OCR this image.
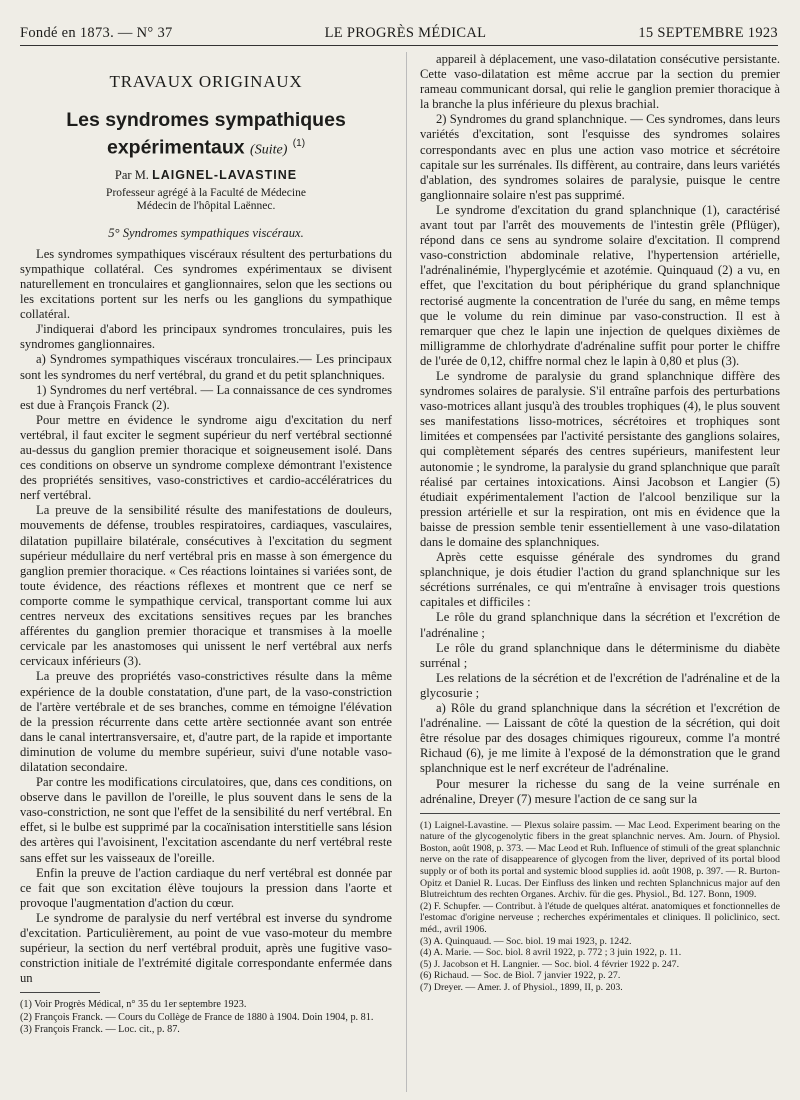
Fondé en 1873. — N° 37	LE PROGRÈS MÉDICAL	15 SEPTEMBRE 1923
TRAVAUX ORIGINAUX
Les syndromes sympathiques expérimentaux (Suite) $^{(1)}$
Par M. LAIGNEL-LAVASTINE
Professeur agrégé à la Faculté de Médecine
Médecin de l'hôpital Laënnec.
5° Syndromes sympathiques viscéraux.

Les syndromes sympathiques viscéraux résultent des perturbations du sympathique collatéral. Ces syndromes expérimentaux se divisent naturellement en tronculaires et ganglionnaires, selon que les sections ou les excitations portent sur les nerfs ou les ganglions du sympathique collatéral.

J'indiquerai d'abord les principaux syndromes tronculaires, puis les syndromes ganglionnaires.

a) Syndromes sympathiques viscéraux tronculaires.— Les principaux sont les syndromes du nerf vertébral, du grand et du petit splanchniques.

1) Syndromes du nerf vertébral. — La connaissance de ces syndromes est due à François Franck (2).

Pour mettre en évidence le syndrome aigu d'excitation du nerf vertébral, il faut exciter le segment supérieur du nerf vertébral sectionné au-dessus du ganglion premier thoracique et soigneusement isolé. Dans ces conditions on observe un syndrome complexe démontrant l'existence des propriétés sensitives, vaso-constrictives et cardio-accélératrices du nerf vertébral.

La preuve de la sensibilité résulte des manifestations de douleurs, mouvements de défense, troubles respiratoires, cardiaques, vasculaires, dilatation pupillaire bilatérale, consécutives à l'excitation du segment supérieur médullaire du nerf vertébral pris en masse à son émergence du ganglion premier thoracique. « Ces réactions lointaines si variées sont, de toute évidence, des réactions réflexes et montrent que ce nerf se comporte comme le sympathique cervical, transportant comme lui aux centres nerveux des excitations sensitives reçues par les branches afférentes du ganglion premier thoracique et transmises à la moelle cervicale par les anastomoses qui unissent le nerf vertébral aux nerfs cervicaux inférieurs (3).

La preuve des propriétés vaso-constrictives résulte dans la même expérience de la double constatation, d'une part, de la vaso-constriction de l'artère vertébrale et de ses branches, comme en témoigne l'élévation de la pression récurrente dans cette artère sectionnée avant son entrée dans le canal intertransversaire, et, d'autre part, de la rapide et importante diminution de volume du membre supérieur, suivi d'une notable vaso-dilatation secondaire.

Par contre les modifications circulatoires, que, dans ces conditions, on observe dans le pavillon de l'oreille, le plus souvent dans le sens de la vaso-constriction, ne sont que l'effet de la sensibilité du nerf vertébral. En effet, si le bulbe est supprimé par la cocaïnisation interstitielle sans lésion des artères qui l'avoisinent, l'excitation ascendante du nerf vertébral reste sans effet sur les vaisseaux de l'oreille.

Enfin la preuve de l'action cardiaque du nerf vertébral est donnée par ce fait que son excitation élève toujours la pression dans l'aorte et provoque l'augmentation d'action du cœur.

Le syndrome de paralysie du nerf vertébral est inverse du syndrome d'excitation. Particulièrement, au point de vue vaso-moteur du membre supérieur, la section du nerf vertébral produit, après une fugitive vaso-constriction initiale de l'extrémité digitale correspondante enfermée dans un

(1) Voir Progrès Médical, n° 35 du 1er septembre 1923.

(2) François Franck. — Cours du Collège de France de 1880 à 1904. Doin 1904, p. 81.

(3) François Franck. — Loc. cit., p. 87.

appareil à déplacement, une vaso-dilatation consécutive persistante. Cette vaso-dilatation est même accrue par la section du premier rameau communicant dorsal, qui relie le ganglion premier thoracique à la branche la plus inférieure du plexus brachial.

2) Syndromes du grand splanchnique. — Ces syndromes, dans leurs variétés d'excitation, sont l'esquisse des syndromes solaires correspondants avec en plus une action vaso motrice et sécrétoire capitale sur les surrénales. Ils diffèrent, au contraire, dans leurs variétés d'ablation, des syndromes solaires de paralysie, puisque le centre ganglionnaire solaire n'est pas supprimé.

Le syndrome d'excitation du grand splanchnique (1), caractérisé avant tout par l'arrêt des mouvements de l'intestin grêle (Pflüger), répond dans ce sens au syndrome solaire d'excitation. Il comprend vaso-constriction abdominale relative, l'hypertension artérielle, l'adrénalinémie, l'hyperglycémie et azotémie. Quinquaud (2) a vu, en effet, que l'excitation du bout périphérique du grand splanchnique rectorisé augmente la concentration de l'urée du sang, en même temps que le volume du rein diminue par vaso-construction. Il est à remarquer que chez le lapin une injection de quelques dixièmes de milligramme de chlorhydrate d'adrénaline suffit pour porter le chiffre de l'urée de 0,12, chiffre normal chez le lapin à 0,80 et plus (3).

Le syndrome de paralysie du grand splanchnique diffère des syndromes solaires de paralysie. S'il entraîne parfois des perturbations vaso-motrices allant jusqu'à des troubles trophiques (4), le plus souvent ses manifestations lisso-motrices, sécrétoires et trophiques sont limitées et compensées par l'activité persistante des ganglions solaires, qui complètement séparés des centres supérieurs, manifestent leur autonomie ; le syndrome, la paralysie du grand splanchnique que paraît réalisé par certaines intoxications. Ainsi Jacobson et Langier (5) étudiait expérimentalement l'action de l'alcool benzilique sur la pression artérielle et sur la respiration, ont mis en évidence que la baisse de pression semble tenir essentiellement à une vaso-dilatation dans le domaine des splanchniques.

Après cette esquisse générale des syndromes du grand splanchnique, je dois étudier l'action du grand splanchnique sur les sécrétions surrénales, ce qui m'entraîne à envisager trois questions capitales et difficiles :

Le rôle du grand splanchnique dans la sécrétion et l'excrétion de l'adrénaline ;

Le rôle du grand splanchnique dans le déterminisme du diabète surrénal ;

Les relations de la sécrétion et de l'excrétion de l'adrénaline et de la glycosurie ;

a) Rôle du grand splanchnique dans la sécrétion et l'excrétion de l'adrénaline. — Laissant de côté la question de la sécrétion, qui doit être résolue par des dosages chimiques rigoureux, comme l'a montré Richaud (6), je me limite à l'exposé de la démonstration que le grand splanchnique est le nerf excréteur de l'adrénaline.

Pour mesurer la richesse du sang de la veine surrénale en adrénaline, Dreyer (7) mesure l'action de ce sang sur la

(1) Laignel-Lavastine. — Plexus solaire passim. — Mac Leod. Experiment bearing on the nature of the glycogenolytic fibers in the great splanchnic nerves. Am. Journ. of Physiol. Boston, août 1908, p. 373. — Mac Leod et Ruh. Influence of stimuli of the great splanchnic nerve on the rate of disappearence of glycogen from the liver, deprived of its portal blood supply or of both its portal and systemic blood supplies id. août 1908, p. 397. — R. Burton-Opitz et Daniel R. Lucas. Der Einfluss des linken und rechten Splanchnicus major auf den Blutreichtum des rechten Organes. Archiv. für die ges. Physiol., Bd. 127. Bonn, 1909.

(2) F. Schupfer. — Contribut. à l'étude de quelques altérat. anatomiques et fonctionnelles de l'estomac d'origine nerveuse ; recherches expérimentales et cliniques. Il policlinico, sect. méd., avril 1906.

(3) A. Quinquaud. — Soc. biol. 19 mai 1923, p. 1242.

(4) A. Marie. — Soc. biol. 8 avril 1922, p. 772 ; 3 juin 1922, p. 11.

(5) J. Jacobson et H. Langnier. — Soc. biol. 4 février 1922 p. 247.

(6) Richaud. — Soc. de Biol. 7 janvier 1922, p. 27.

(7) Dreyer. — Amer. J. of Physiol., 1899, II, p. 203.
